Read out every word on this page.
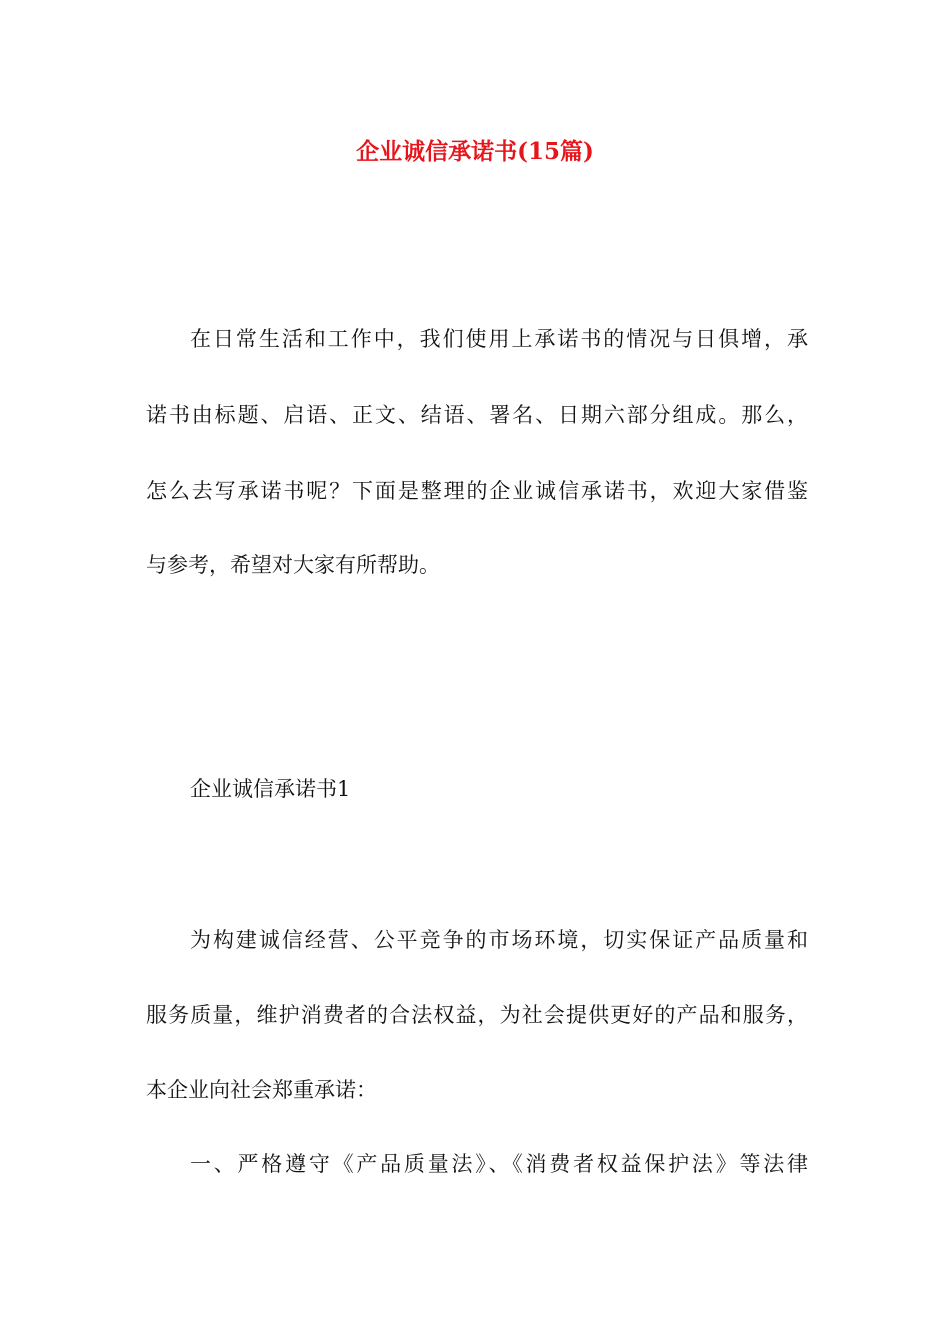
企业诚信承诺书(15篇)

在日常生活和工作中，我们使用上承诺书的情况与日俱增，承

诺书由标题、启语、正文、结语、署名、日期六部分组成。那么，

怎么去写承诺书呢？下面是整理的企业诚信承诺书，欢迎大家借鉴

与参考，希望对大家有所帮助。

企业诚信承诺书1

为构建诚信经营、公平竞争的市场环境，切实保证产品质量和

服务质量，维护消费者的合法权益，为社会提供更好的产品和服务，

本企业向社会郑重承诺：

一、严格遵守《产品质量法》、《消费者权益保护法》等法律
